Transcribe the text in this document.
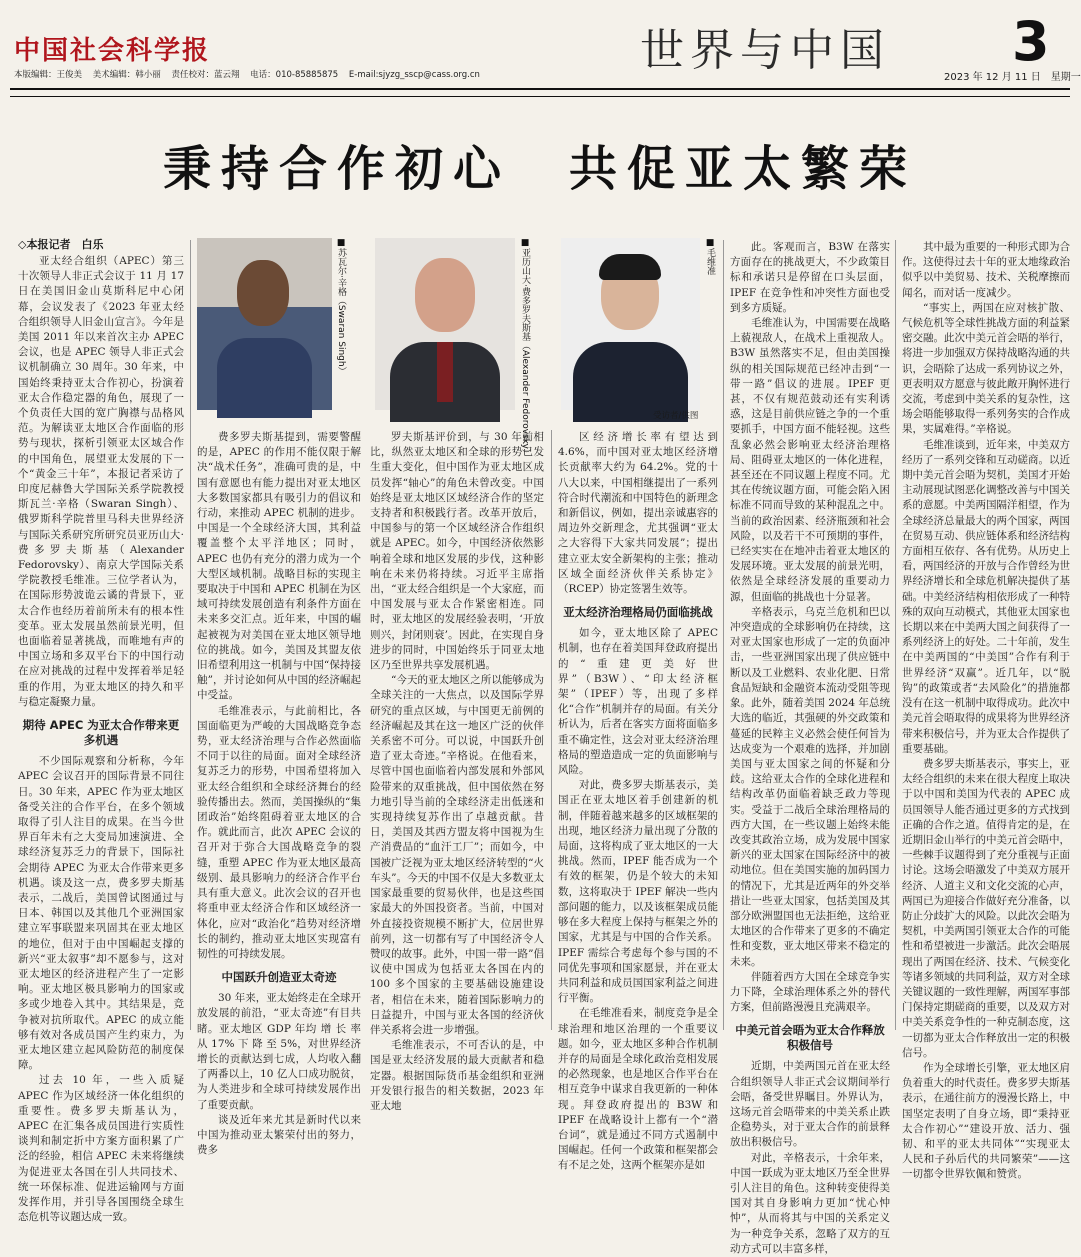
中国社会科学报
本版编辑：王俊美 美术编辑：韩小丽 责任校对：蓝云翔 电话：010-85885875 E-mail:sjyzg_sscp@cass.org.cn	世界与中国 3
2023 年 12 月 11 日　星期一
秉持合作初心　共促亚太繁荣
◇本报记者　白乐	■苏瓦尔·辛格（Swaran Singh）	■亚历山大·费多罗夫斯基（Alexander Fedorovsky）	■毛维准
受访者/供图

亚太经合组织（APEC）第三十次领导人非正式会议于 11 月 17 日在美国旧金山莫斯科尼中心闭幕，会议发表了《2023 年亚太经合组织领导人旧金山宣言》。今年是美国 2011 年以来首次主办 APEC 会议，也是 APEC 领导人非正式会议机制确立 30 周年。30 年来，中国始终秉持亚太合作初心，扮演着亚太合作稳定器的角色，展现了一个负责任大国的宽广胸襟与品格风范。为解读亚太地区合作面临的形势与现状，探析引领亚太区域合作的中国角色，展望亚太发展的下一个“黄金三十年”，本报记者采访了印度尼赫鲁大学国际关系学院教授斯瓦兰·辛格（Swaran Singh）、俄罗斯科学院普里马科夫世界经济与国际关系研究所研究员亚历山大·费多罗夫斯基（Alexander Fedorovsky）、南京大学国际关系学院教授毛维准。三位学者认为，在国际形势波诡云谲的背景下，亚太合作也经历着前所未有的根本性变革。亚太发展虽然前景光明，但也面临着显著挑战，而唯地有声的中国立场和多双平台下的中国行动在应对挑战的过程中发挥着举足轻重的作用，为亚太地区的持久和平与稳定凝聚力量。

期待 APEC 为亚太合作带来更多机遇

不少国际观察和分析称，今年 APEC 会议召开的国际背景不同往日。30 年来，APEC 作为亚太地区备受关注的合作平台，在多个领域取得了引人注目的成果。在当今世界百年未有之大变局加速演进、全球经济复苏乏力的背景下，国际社会期待 APEC 为亚太合作带来更多机遇。谈及这一点，费多罗夫斯基表示，二战后，美国曾试图通过与日本、韩国以及其他几个亚洲国家建立军事联盟来巩固其在亚太地区的地位，但对于由中国崛起支撑的新兴“亚太叙事”却不愿参与，这对亚太地区的经济进程产生了一定影响。亚太地区极具影响力的国家或多或少地卷入其中。其结果是，竞争被对抗所取代。APEC 的成立能够有效对各成员国产生约束力，为亚太地区建立起风险防范的制度保障。

过去 10 年，一些入质疑 APEC 作为区域经济一体化组织的重要性。费多罗夫斯基认为，APEC 在汇集各成员国进行实质性谈判和制定折中方案方面积累了广泛的经验，相信 APEC 未来将继续为促进亚太各国在引人共同技术、统一环保标准、促进运输网与方面发挥作用，并引导各国围绕全球生态危机等议题达成一致。

费多罗夫斯基提到，需要警醒的是，APEC 的作用不能仅限于解决“战术任务”，准确可贵的是，中国有意愿也有能力提出对亚太地区大多数国家都具有吸引力的倡议和行动，来推动 APEC 机制的进步。中国是一个全球经济大国，其利益覆盖整个太平洋地区；同时，APEC 也仍有充分的潜力成为一个大型区域机制。战略目标的实现主要取决于中国和 APEC 机制在为区域可持续发展创造有利条件方面在未来多交汇点。近年来，中国的崛起被视为对美国在亚太地区领导地位的挑战。如今，美国及其盟友依旧希望利用这一机制与中国“保持接触”，并讨论如何从中国的经济崛起中受益。

毛维准表示，与此前相比，各国面临更为严峻的大国战略竞争态势，亚太经济治理与合作必然面临不同于以往的局面。面对全球经济复苏乏力的形势，中国希望将加入亚太经合组织和全球经济舞台的经验传播出去。然而，美国操纵的“集团政治”始终阻碍着亚太地区的合作。就此而言，此次 APEC 会议的召开对于弥合大国战略竞争的裂缝，重塑 APEC 作为亚太地区最高级别、最具影响力的经济合作平台具有重大意义。此次会议的召开也将重申亚太经济合作和区域经济一体化，应对“政治化”趋势对经济增长的制约，推动亚太地区实现富有韧性的可持续发展。

中国跃升创造亚太奇迹

30 年来，亚太始终走在全球开放发展的前沿，“亚太奇迹”有目共睹。亚太地区 GDP 年均 增 长 率 从 17% 下 降 至 5%，对世界经济增长的贡献达到七成，人均收入翻了两番以上，10 亿人口成功脱贫，为人类进步和全球可持续发展作出了重要贡献。

谈及近年来尤其是新时代以来中国为推动亚太繁荣付出的努力，费多

罗夫斯基评价到，与 30 年前相比，纵然亚太地区和全球的形势已发生重大变化，但中国作为亚太地区成员发挥“轴心”的角色未曾改变。中国始终是亚太地区区域经济合作的坚定支持者和积极践行者。改革开放后，中国参与的第一个区域经济合作组织就是 APEC。如今，中国经济依然影响着全球和地区发展的步伐，这种影响在未来仍将持续。习近平主席指出，“亚太经合组织是一个大家庭，而中国发展与亚太合作紧密相连。同时，亚太地区的发展经验表明，‘开放则兴，封闭则衰’。因此，在实现自身进步的同时，中国始终乐于同亚太地区乃至世界共享发展机遇。

“今天的亚太地区之所以能够成为全球关注的一大焦点，以及国际学界研究的重点区域，与中国更无前例的经济崛起及其在这一地区广泛的伙伴关系密不可分。可以说，中国跃升创造了亚太奇迹。”辛格说。在他看来，尽管中国也面临着内部发展和外部风险带来的双重挑战，但中国依然在努力地引导当前的全球经济走出低迷和实现持续复苏作出了卓越贡献。昔日，美国及其西方盟友将中国视为生产消费品的“血汗工厂”；而如今，中国被广泛视为亚太地区经济转型的“火车头”。今天的中国不仅是大多数亚太国家最重要的贸易伙伴，也是这些国家最大的外国投资者。当前，中国对外直接投资规模不断扩大，位居世界前列，这一切都有写了中国经济令人赞叹的故事。此外，中国一带一路”倡议使中国成为包括亚太各国在内的 100 多个国家的主要基础设施建设者，相信在未来，随着国际影响力的日益提升，中国与亚太各国的经济伙伴关系将会进一步增强。

毛维准表示，不可否认的是，中国是亚太经济发展的最大贡献者和稳定器。根据国际货币基金组织和亚洲开发银行报告的相关数据，2023 年亚太地

区经济增长率有望达到 4.6%，而中国对亚太地区经济增长贡献率大约为 64.2%。党的十八大以来，中国相继提出了一系列符合时代潮流和中国特色的新理念和新倡议，例如，提出亲诚惠容的周边外交新理念，尤其强调“亚太之大容得下大家共同发展”；提出建立亚太安全新架构的主张；推动区域全面经济伙伴关系协定》（RCEP）协定签署生效等。

亚太经济治理格局仍面临挑战

如今，亚太地区除了 APEC 机制，也存在着美国拜登政府提出的“重建更美好世界”（B3W）、“印太经济框架”（IPEF）等，出现了多样化“合作”机制并存的局面。有关分析认为，后者在客实方面将面临多重不确定性，这会对亚太经济治理格局的塑造造成一定的负面影响与风险。

对此，费多罗夫斯基表示，美国正在亚太地区着手创建新的机制，伴随着越来越多的区域框架的出现，地区经济力量出现了分散的局面，这将构成了亚太地区的一大挑战。然而，IPEF 能否成为一个有效的框架，仍是个较大的未知数，这将取决于 IPEF 解决一些内部问题的能力，以及该框架成员能够在多大程度上保持与框架之外的国家，尤其是与中国的合作关系。IPEF 需综合考虑每个参与国的不同优先事项和国家愿景，并在亚太共同利益和成员国国家利益之间进行平衡。

在毛维准看来，制度竞争是全球治理和地区治理的一个重要议题。如今，亚太地区多种合作机制并存的局面是全球化政治竞相发展的必然现象，也是地区合作平台在相互竞争中谋求自我更新的一种体现。拜登政府提出的 B3W 和 IPEF 在战略设计上都有一个“潜台词”，就是通过不同方式遏制中国崛起。任何一个政策和框架都会有不足之处，这两个框架亦是如

此。客观而言，B3W 在落实方面存在的挑战更大，不少政策目标和承诺只是停留在口头层面，IPEF 在竞争性和冲突性方面也受到多方质疑。

毛维准认为，中国需要在战略上藐视敌人，在战术上重视敌人。B3W 虽然落实不足，但由美国操纵的相关国际规范已经冲击到“一带一路”倡议的进展。IPEF 更甚，不仅有规范鼓动还有实利诱惑，这是目前供应链之争的一个重要抓手，中国方面不能轻视。这些乱象必然会影响亚太经济治理格局、阻碍亚太地区的一体化进程，甚至还在不同议题上程度不同。尤其在传统议题方面，可能会陷入困标准不同而导致的某种混乱之中。当前的政治因素、经济瓶颈和社会风险，以及若干不可预期的事件，已经实实在在地冲击着亚太地区的发展环境。亚太发展的前景光明，依然是全球经济发展的重要动力源，但面临的挑战也十分显著。

辛格表示，乌克兰危机和巴以冲突造成的全球影响仍在持续，这对亚太国家也形成了一定的负面冲击，一些亚洲国家出现了供应链中断以及工业燃料、农业化肥、日常食品短缺和金融资本流动受阻等现象。此外，随着美国 2024 年总统大选的临近，其强硬的外交政策和蔓延的民粹主义必然会使任何旨为达成变为一个艰难的选择，并加剧美国与亚太国家之间的怀疑和分歧。这给亚太合作的全球化进程和结构改革仍面临着缺乏政力等现实。受益于二战后全球治理格局的西方大国，在一些议题上始终未能改变其政治立场，成为发展中国家新兴的亚太国家在国际经济中的被动地位。但在美国实施的加码国力的情况下，尤其是近两年的外交举措让一些亚太国家，包括美国及其部分欧洲盟国也无法拒绝，这给亚太地区的合作带来了更多的不确定性和变数，亚太地区带来不稳定的未来。

伴随着西方大国在全球竞争实力下降，全球治理体系之外的替代方案，但前路漫漫且充满艰辛。

中美元首会晤为亚太合作释放积极信号

近期，中美两国元首在亚太经合组织领导人非正式会议期间举行会晤，备受世界瞩目。外界认为，这场元首会晤带来的中美关系止跌企稳势头，对于亚太合作的前景释放出积极信号。

对此，辛格表示，十余年来，中国一跃成为亚太地区乃至全世界引人注目的角色。这种转变使得美国对其自身影响力更加“忧心忡忡”，从而将其与中国的关系定义为一种竞争关系，忽略了双方的互动方式可以丰富多样，

其中最为重要的一种形式即为合作。这使得过去十年的亚太地缘政治似乎以中美贸易、技术、关税摩擦而闻名，而对话一度减少。

“事实上，两国在应对核扩散、气候危机等全球性挑战方面的利益紧密交融。此次中美元首会晤的举行，将进一步加强双方保持战略沟通的共识，会晤除了达成一系列协议之外，更表明双方愿意与彼此敞开胸怀进行交流，考虑到中美关系的复杂性，这场会晤能够取得一系列务实的合作成果，实属难得。”辛格说。

毛维准谈到，近年来，中美双方经历了一系列交锋和互动磋商。以近期中美元首会晤为契机，美国才开始主动展现试图恶化调整改善与中国关系的意愿。中美两国隔洋相望，作为全球经济总量最大的两个国家，两国在贸易互动、供应链体系和经济结构方面相互依存、各有优势。从历史上看，两国经济的开放与合作曾经为世界经济增长和全球危机解决提供了基础。中美经济结构相依形成了一种特殊的双向互动模式，其他亚太国家也长期以来在中美两大国之间获得了一系列经济上的好处。二十年前，发生在中美两国的“中美国”合作有利于世界经济“双赢”。近几年，以“脱钩”的政策或者“去风险化”的措施都没有在这一机制中取得成功。此次中美元首会晤取得的成果将为世界经济带来积极信号，并为亚太合作提供了重要基础。

费多罗夫斯基表示，事实上，亚太经合组织的未来在很大程度上取决于以中国和美国为代表的 APEC 成员国领导人能否通过更多的方式找到正确的合作之道。值得肯定的是，在近期旧金山举行的中美元首会晤中，一些棘手议题得到了充分重视与正面讨论。这场会晤激发了中美双方展开经济、人道主义和文化交流的心声，两国已为迎接合作做好充分准备，以防止分歧扩大的风险。以此次会晤为契机，中美两国引领亚太合作的可能性和希望被进一步激活。此次会晤展现出了两国在经济、技术、气候变化等诸多领域的共同利益，双方对全球关键议题的一致性理解，两国军事部门保持定期磋商的重要，以及双方对中美关系竞争性的一种克制态度，这一切都为亚太合作释放出一定的积极信号。

作为全球增长引擎，亚太地区肩负着重大的时代责任。费多罗夫斯基表示，在通往前方的漫漫长路上，中国坚定表明了自身立场，即“秉持亚太合作初心”“建设开放、活力、强韧、和平的亚太共同体”“实现亚太人民和子孙后代的共同繁荣”——这一切都令世界钦佩和赞赏。
